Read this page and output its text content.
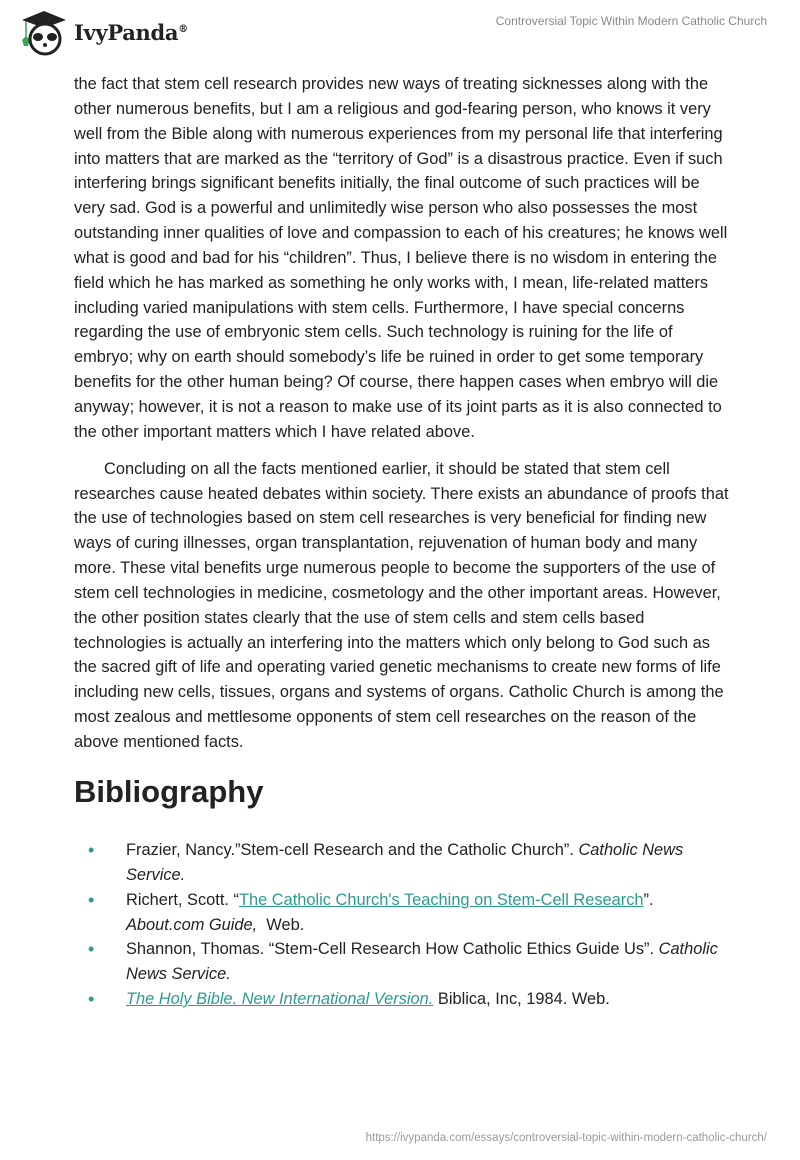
IvyPanda®
Controversial Topic Within Modern Catholic Church

the fact that stem cell research provides new ways of treating sicknesses along with the other numerous benefits, but I am a religious and god-fearing person, who knows it very well from the Bible along with numerous experiences from my personal life that interfering into matters that are marked as the “territory of God” is a disastrous practice. Even if such interfering brings significant benefits initially, the final outcome of such practices will be very sad. God is a powerful and unlimitedly wise person who also possesses the most outstanding inner qualities of love and compassion to each of his creatures; he knows well what is good and bad for his “children”. Thus, I believe there is no wisdom in entering the field which he has marked as something he only works with, I mean, life-related matters including varied manipulations with stem cells. Furthermore, I have special concerns regarding the use of embryonic stem cells. Such technology is ruining for the life of embryo; why on earth should somebody’s life be ruined in order to get some temporary benefits for the other human being? Of course, there happen cases when embryo will die anyway; however, it is not a reason to make use of its joint parts as it is also connected to the other important matters which I have related above.

Concluding on all the facts mentioned earlier, it should be stated that stem cell researches cause heated debates within society. There exists an abundance of proofs that the use of technologies based on stem cell researches is very beneficial for finding new ways of curing illnesses, organ transplantation, rejuvenation of human body and many more. These vital benefits urge numerous people to become the supporters of the use of stem cell technologies in medicine, cosmetology and the other important areas. However, the other position states clearly that the use of stem cells and stem cells based technologies is actually an interfering into the matters which only belong to God such as the sacred gift of life and operating varied genetic mechanisms to create new forms of life including new cells, tissues, organs and systems of organs. Catholic Church is among the most zealous and mettlesome opponents of stem cell researches on the reason of the above mentioned facts.

Bibliography
• Frazier, Nancy.”Stem-cell Research and the Catholic Church”. Catholic News Service.
• Richert, Scott. “The Catholic Church's Teaching on Stem-Cell Research”. About.com Guide,  Web.
• Shannon, Thomas. “Stem-Cell Research How Catholic Ethics Guide Us”. Catholic News Service.
• The Holy Bible. New International Version. Biblica, Inc, 1984. Web.
https://ivypanda.com/essays/controversial-topic-within-modern-catholic-church/
